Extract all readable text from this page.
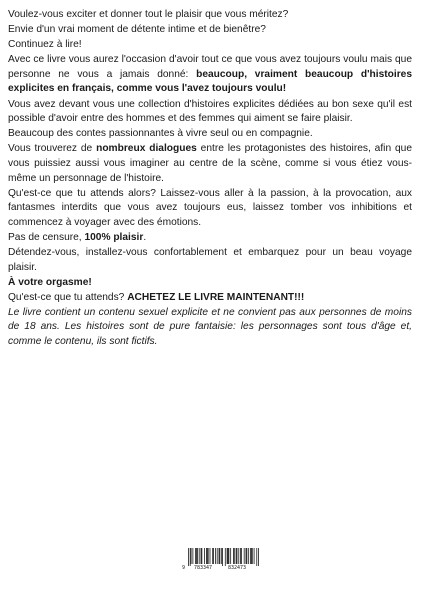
Voulez-vous exciter et donner tout le plaisir que vous méritez?

Envie d'un vrai moment de détente intime et de bienêtre?

Continuez à lire!

Avec ce livre vous aurez l'occasion d'avoir tout ce que vous avez toujours voulu mais que personne ne vous a jamais donné: beaucoup, vraiment beaucoup d'histoires explicites en français, comme vous l'avez toujours voulu!

Vous avez devant vous une collection d'histoires explicites dédiées au bon sexe qu'il est possible d'avoir entre des hommes et des femmes qui aiment se faire plaisir.

Beaucoup des contes passionnantes à vivre seul ou en compagnie.

Vous trouverez de nombreux dialogues entre les protagonistes des histoires, afin que vous puissiez aussi vous imaginer au centre de la scène, comme si vous étiez vous-même un personnage de l'histoire.

Qu'est-ce que tu attends alors? Laissez-vous aller à la passion, à la provocation, aux fantasmes interdits que vous avez toujours eus, laissez tomber vos inhibitions et commencez à voyager avec des émotions.

Pas de censure, 100% plaisir.

Détendez-vous, installez-vous confortablement et embarquez pour un beau voyage plaisir.

À votre orgasme!

Qu'est-ce que tu attends? ACHETEZ LE LIVRE MAINTENANT!!!

Le livre contient un contenu sexuel explicite et ne convient pas aux personnes de moins de 18 ans. Les histoires sont de pure fantaisie: les personnages sont tous d'âge et, comme le contenu, ils sont fictifs.

9 783347	832473
